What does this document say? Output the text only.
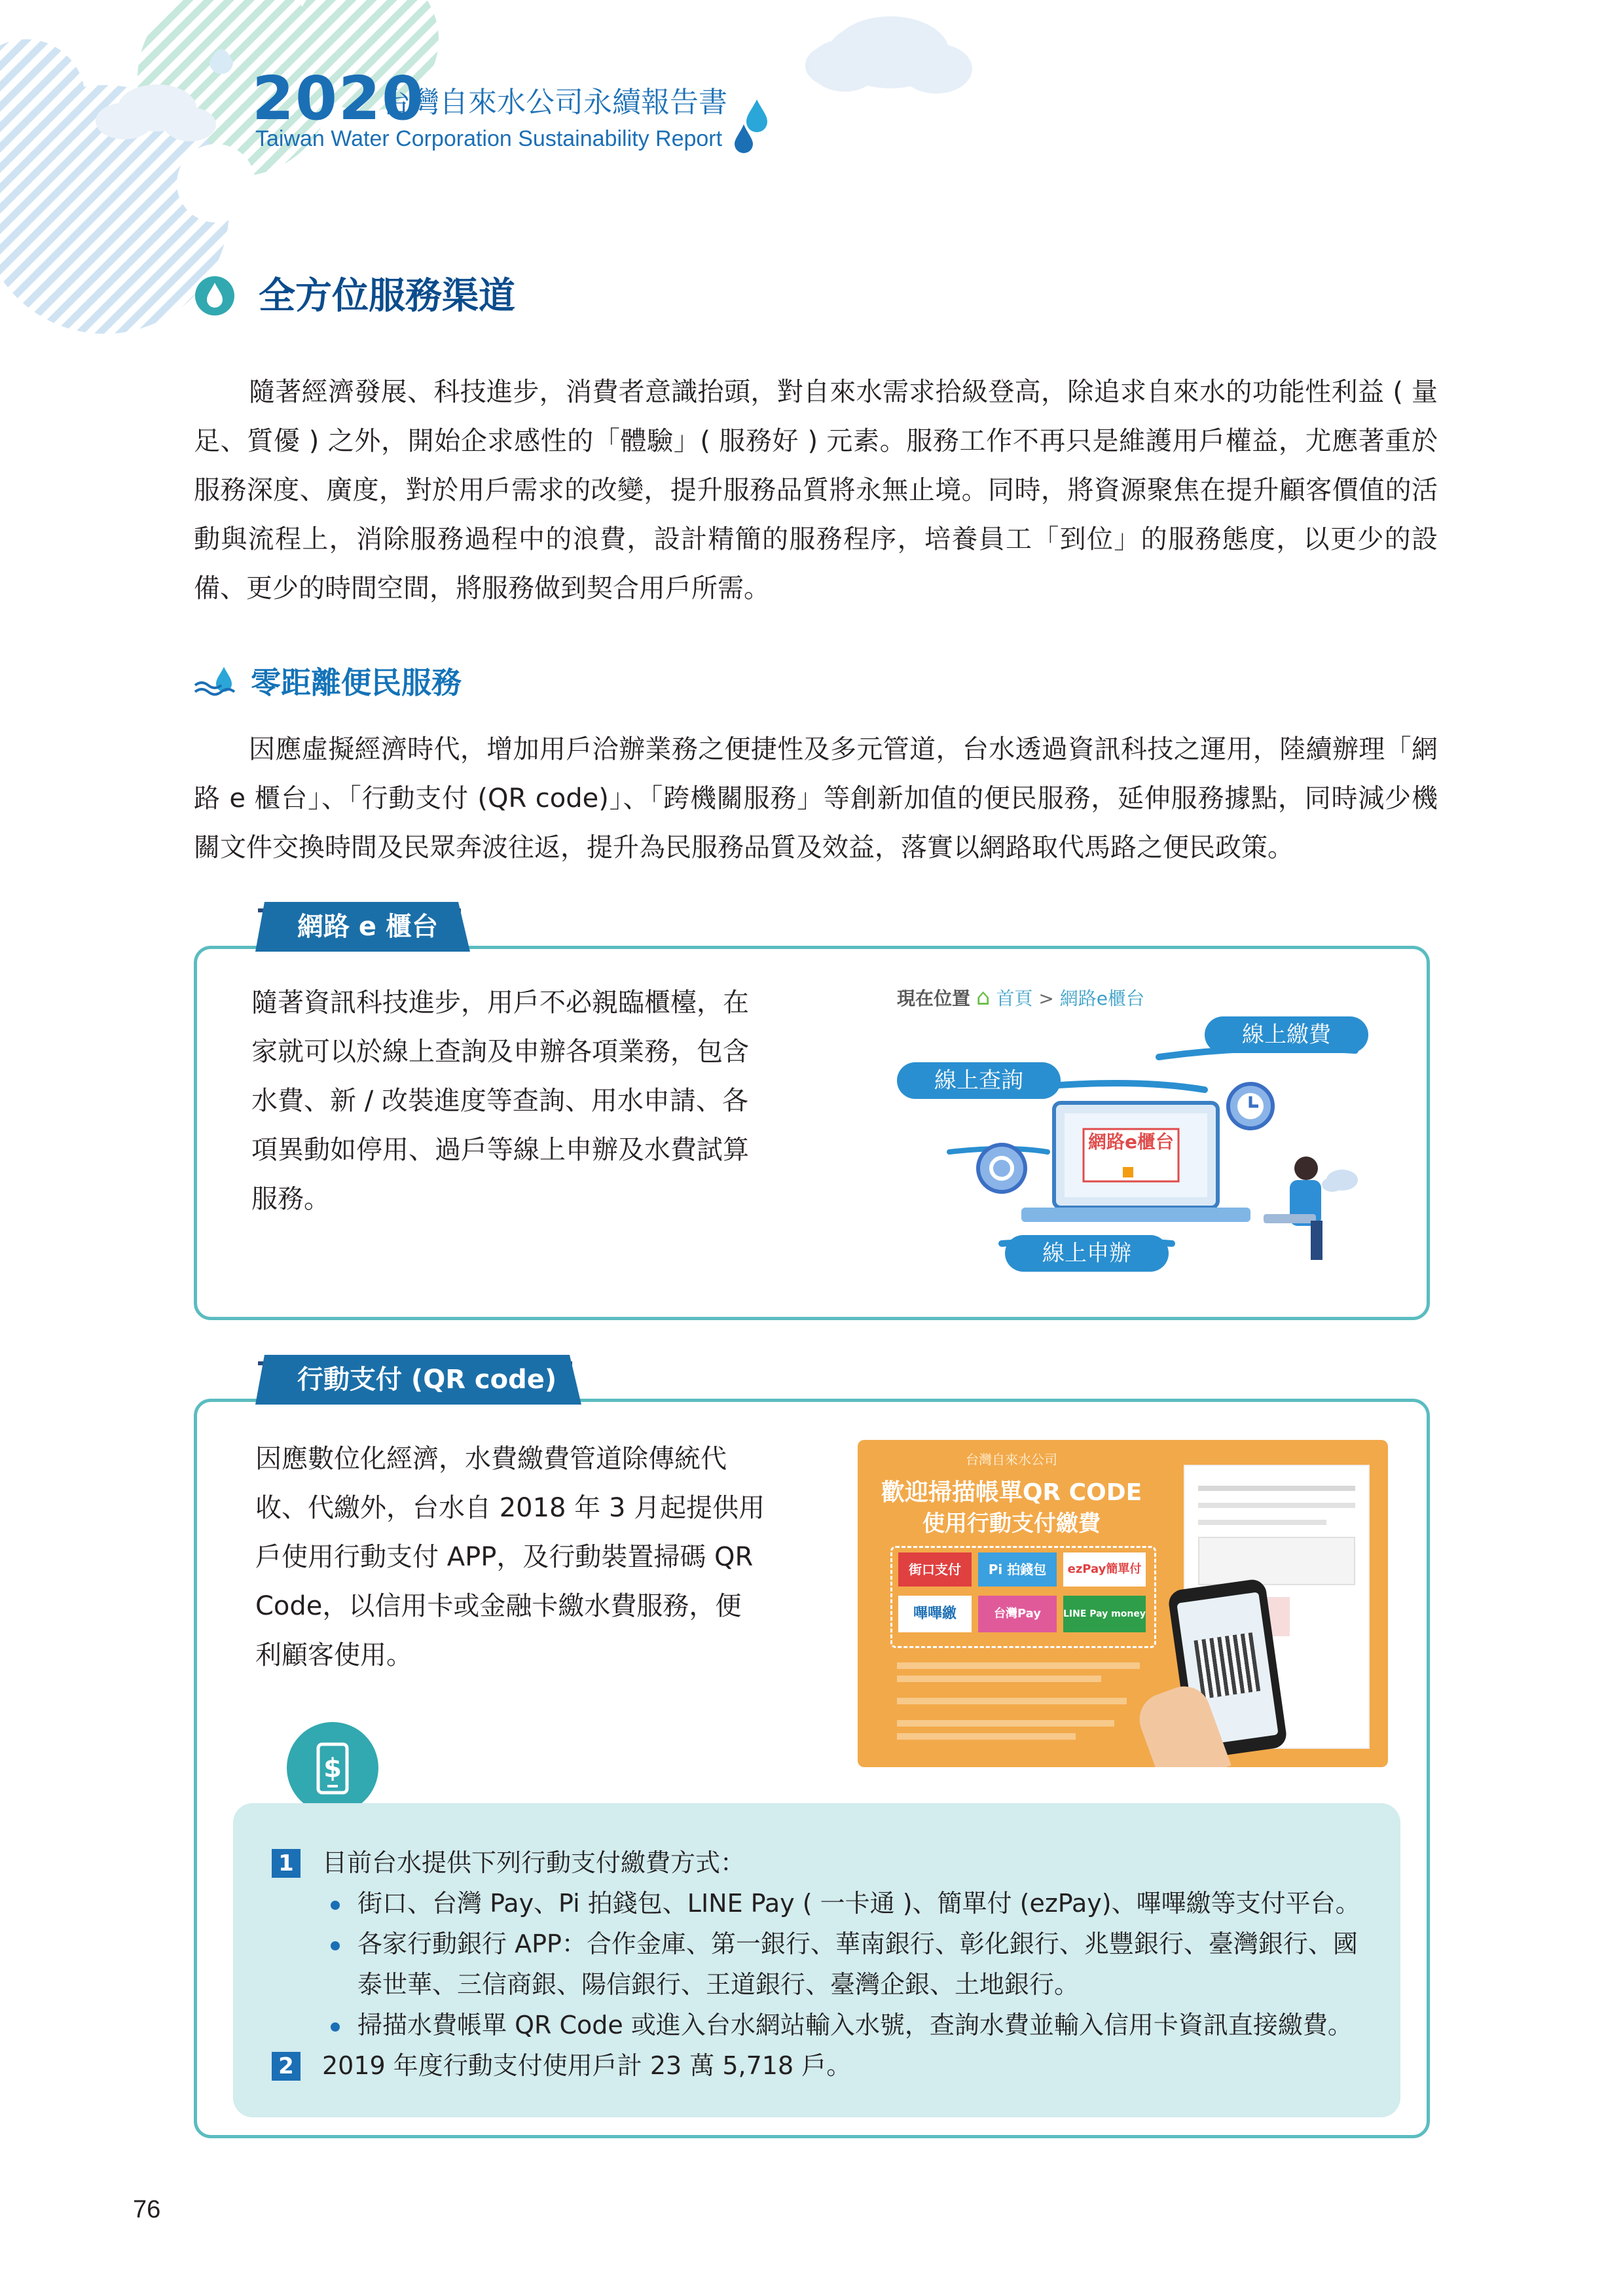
2020
台灣自來水公司永續報告書
Taiwan Water Corporation Sustainability Report
全方位服務渠道

隨著經濟發展、科技進步，消費者意識抬頭，對自來水需求拾級登高，除追求自來水的功能性利益 ( 量足、質優 ) 之外，開始企求感性的「體驗」( 服務好 ) 元素。服務工作不再只是維護用戶權益，尤應著重於服務深度、廣度，對於用戶需求的改變，提升服務品質將永無止境。同時，將資源聚焦在提升顧客價值的活動與流程上，消除服務過程中的浪費，設計精簡的服務程序，培養員工「到位」的服務態度，以更少的設備、更少的時間空間，將服務做到契合用戶所需。

零距離便民服務

因應虛擬經濟時代，增加用戶洽辦業務之便捷性及多元管道，台水透過資訊科技之運用，陸續辦理「網路 e 櫃台」、「行動支付 (QR code)」、「跨機關服務」等創新加值的便民服務，延伸服務據點，同時減少機關文件交換時間及民眾奔波往返，提升為民服務品質及效益，落實以網路取代馬路之便民政策。

網路 e 櫃台

隨著資訊科技進步，用戶不必親臨櫃檯，在

家就可以於線上查詢及申辦各項業務，包含

水費、新 / 改裝進度等查詢、用水申請、各

項異動如停用、過戶等線上申辦及水費試算

服務。

現在位置 ⌂ 首頁 > 網路e櫃台
網路e櫃台
線上繳費
線上查詢
線上申辦
行動支付 (QR code)

因應數位化經濟，水費繳費管道除傳統代

收、代繳外，台水自 2018 年 3 月起提供用

戶使用行動支付 APP，及行動裝置掃碼 QR

Code，以信用卡或金融卡繳水費服務，便

利顧客使用。

台灣自來水公司
歡迎掃描帳單QR CODE
使用行動支付繳費
街口支付	Pi 拍錢包	ezPay簡單付
嗶嗶繳	台灣Pay	LINE Pay money
$
1 目前台水提供下列行動支付繳費方式：
街口、台灣 Pay、Pi 拍錢包、LINE Pay ( 一卡通 )、簡單付 (ezPay)、嗶嗶繳等支付平台。
各家行動銀行 APP：合作金庫、第一銀行、華南銀行、彰化銀行、兆豐銀行、臺灣銀行、國
泰世華、三信商銀、陽信銀行、王道銀行、臺灣企銀、土地銀行。
掃描水費帳單 QR Code 或進入台水網站輸入水號，查詢水費並輸入信用卡資訊直接繳費。
2 2019 年度行動支付使用戶計 23 萬 5,718 戶。
76
